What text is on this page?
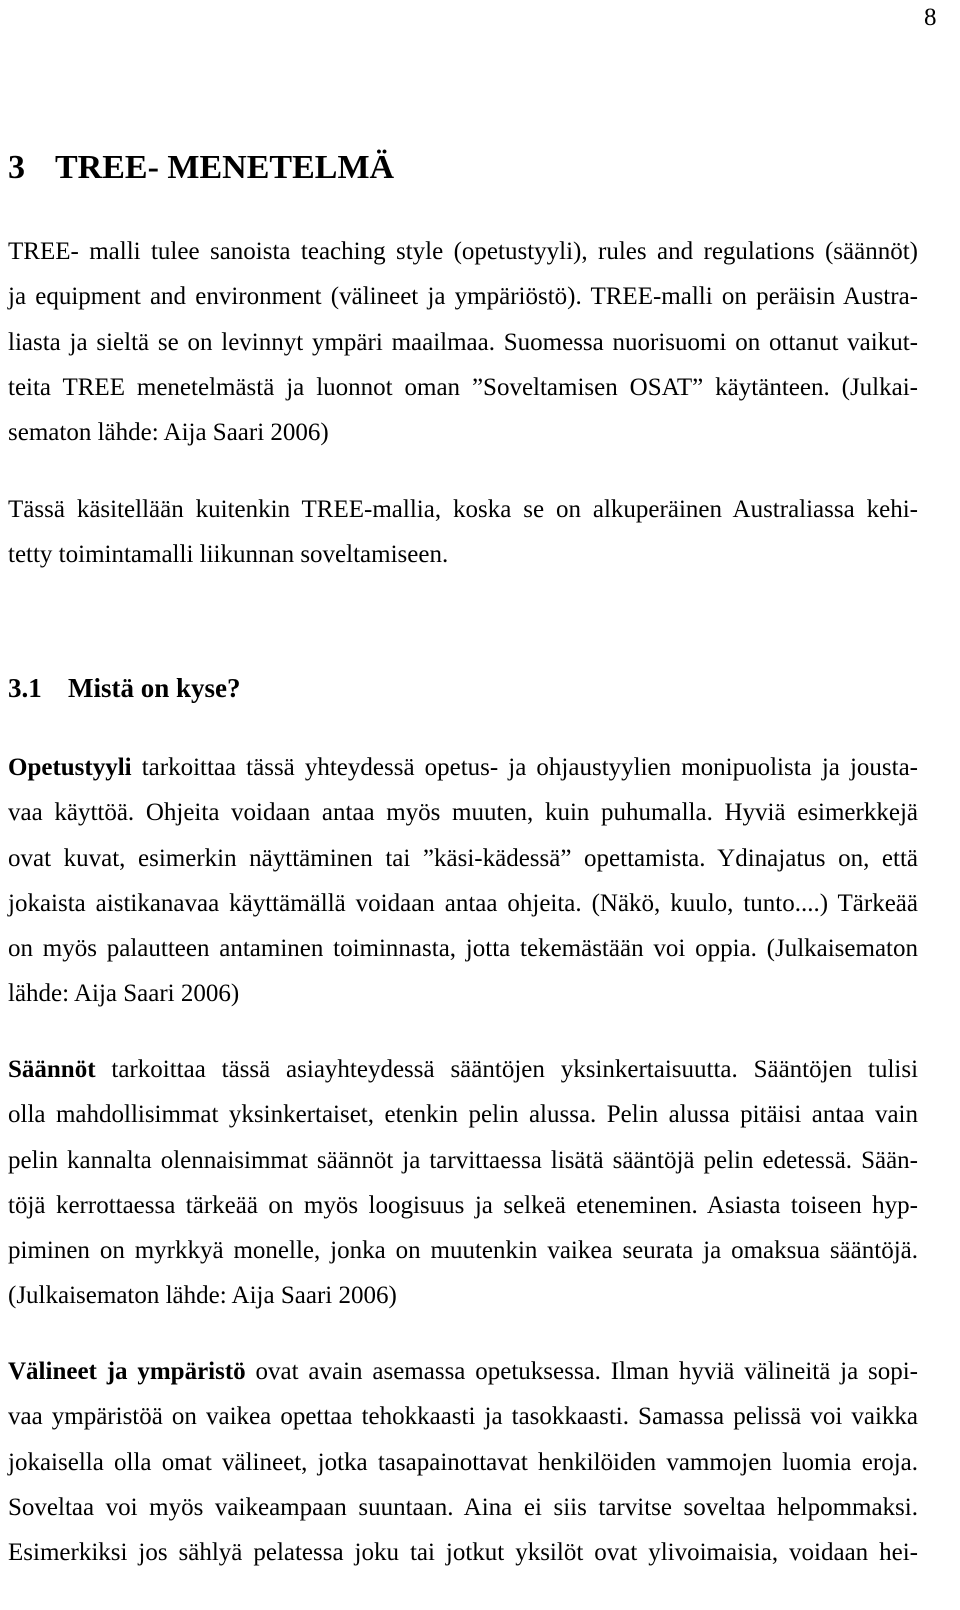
8
3 TREE- MENETELMÄ
TREE- malli tulee sanoista teaching style (opetustyyli), rules and regulations (säännöt)
ja equipment and environment (välineet ja ympäriöstö). TREE-malli on peräisin Austra-
liasta ja sieltä se on levinnyt ympäri maailmaa. Suomessa nuorisuomi on ottanut vaikut-
teita TREE menetelmästä ja luonnot oman ”Soveltamisen OSAT” käytänteen. (Julkai-
sematon lähde: Aija Saari 2006)
Tässä käsitellään kuitenkin TREE-mallia, koska se on alkuperäinen Australiassa kehi-
tetty toimintamalli liikunnan soveltamiseen.
3.1 Mistä on kyse?
Opetustyyli tarkoittaa tässä yhteydessä opetus- ja ohjaustyylien monipuolista ja jousta-
vaa käyttöä. Ohjeita voidaan antaa myös muuten, kuin puhumalla. Hyviä esimerkkejä
ovat kuvat, esimerkin näyttäminen tai ”käsi-kädessä” opettamista. Ydinajatus on, että
jokaista aistikanavaa käyttämällä voidaan antaa ohjeita. (Näkö, kuulo, tunto....) Tärkeää
on myös palautteen antaminen toiminnasta, jotta tekemästään voi oppia. (Julkaisematon
lähde: Aija Saari 2006)
Säännöt tarkoittaa tässä asiayhteydessä sääntöjen yksinkertaisuutta. Sääntöjen tulisi
olla mahdollisimmat yksinkertaiset, etenkin pelin alussa. Pelin alussa pitäisi antaa vain
pelin kannalta olennaisimmat säännöt ja tarvittaessa lisätä sääntöjä pelin edetessä. Sään-
töjä kerrottaessa tärkeää on myös loogisuus ja selkeä eteneminen. Asiasta toiseen hyp-
piminen on myrkkyä monelle, jonka on muutenkin vaikea seurata ja omaksua sääntöjä.
(Julkaisematon lähde: Aija Saari 2006)
Välineet ja ympäristö ovat avain asemassa opetuksessa. Ilman hyviä välineitä ja sopi-
vaa ympäristöä on vaikea opettaa tehokkaasti ja tasokkaasti. Samassa pelissä voi vaikka
jokaisella olla omat välineet, jotka tasapainottavat henkilöiden vammojen luomia eroja.
Soveltaa voi myös vaikeampaan suuntaan. Aina ei siis tarvitse soveltaa helpommaksi.
Esimerkiksi jos sählyä pelatessa joku tai jotkut yksilöt ovat ylivoimaisia, voidaan hei-
